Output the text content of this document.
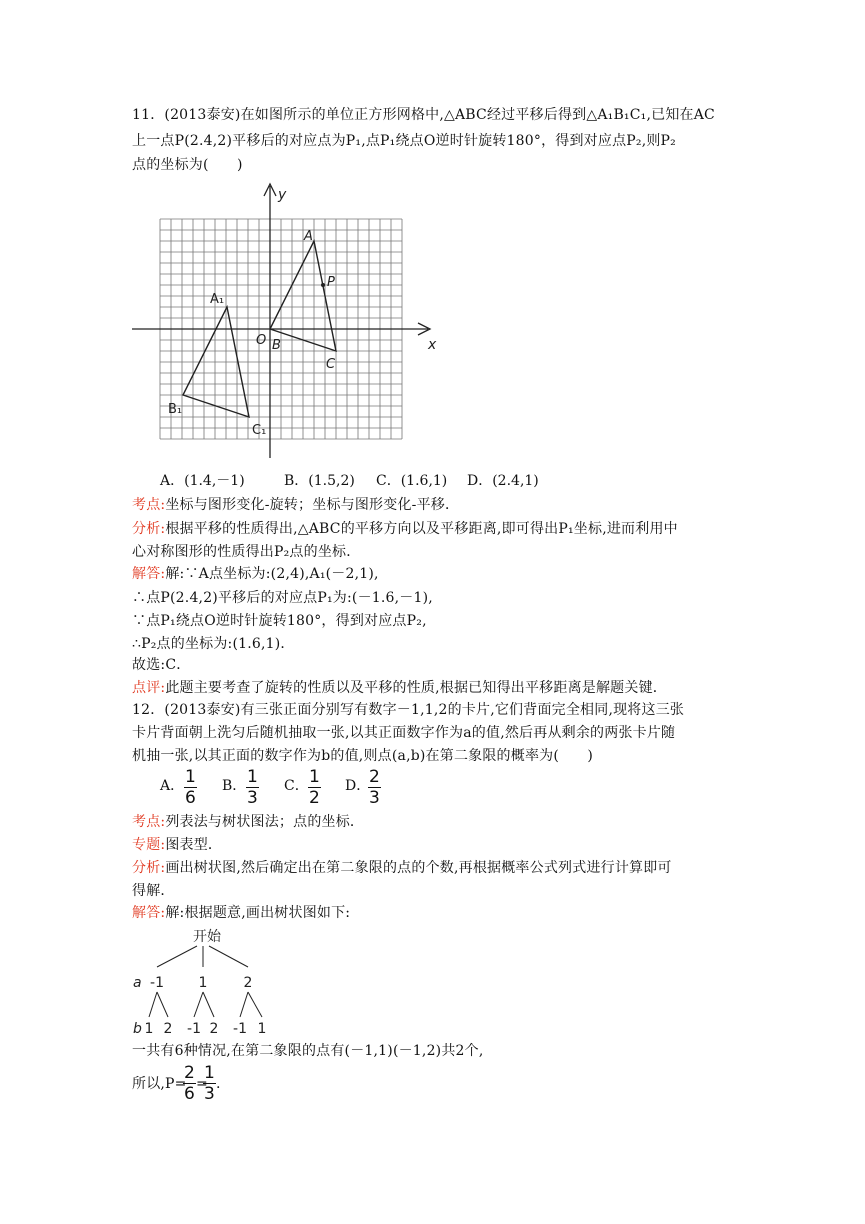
11．(2013泰安)在如图所示的单位正方形网格中,△ABC经过平移后得到△A₁B₁C₁,已知在AC
上一点P(2.4,2)平移后的对应点为P₁,点P₁绕点O逆时针旋转180°，得到对应点P₂,则P₂
点的坐标为(　　)
x
y
O
A
P
B
C
A₁
B₁
C₁
A．(1.4,－1)	B．(1.5,2) C．(1.6,1) D．(2.4,1)
考点:坐标与图形变化-旋转；坐标与图形变化-平移．
分析:根据平移的性质得出,△ABC的平移方向以及平移距离,即可得出P₁坐标,进而利用中
心对称图形的性质得出P₂点的坐标．
解答:解:∵A点坐标为:(2,4),A₁(－2,1),
∴点P(2.4,2)平移后的对应点P₁为:(－1.6,－1),
∵点P₁绕点O逆时针旋转180°，得到对应点P₂,
∴P₂点的坐标为:(1.6,1)．
故选:C．
点评:此题主要考查了旋转的性质以及平移的性质,根据已知得出平移距离是解题关键．
12．(2013泰安)有三张正面分别写有数字－1,1,2的卡片,它们背面完全相同,现将这三张
卡片背面朝上洗匀后随机抽取一张,以其正面数字作为a的值,然后再从剩余的两张卡片随
机抽一张,以其正面的数字作为b的值,则点(a,b)在第二象限的概率为(　　)
A． $\frac{1}{6}$ B． $\frac{1}{3}$ C． $\frac{1}{2}$ D．
$\frac{2}{3}$
考点:列表法与树状图法；点的坐标．
专题:图表型．
分析:画出树状图,然后确定出在第二象限的点的个数,再根据概率公式列式进行计算即可
得解．
解答:解:根据题意,画出树状图如下:
开始
a -1 1	2
b 1 2 -1 2 -1 1
一共有6种情况,在第二象限的点有(－1,1)(－1,2)共2个,
所以,P=
$\frac{2}{6}$ =
$\frac{1}{3}$ .
